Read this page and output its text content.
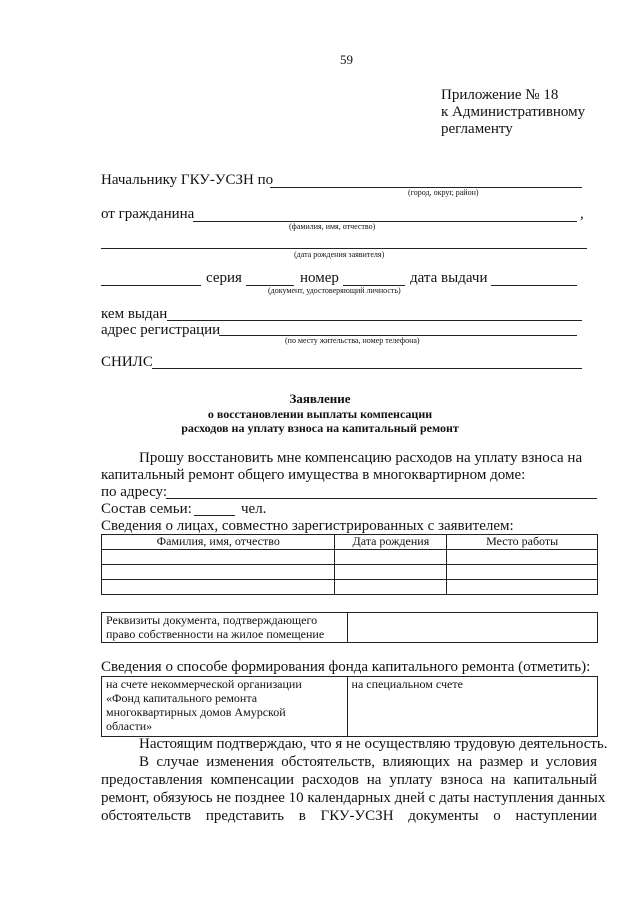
59
Приложение № 18
к Административному
регламенту
Начальнику ГКУ-УСЗН по
(город, округ, район)
от гражданина	,
(фамилия, имя, отчество)
(дата рождения заявителя)
серия	номер	дата выдачи
(документ, удостоверяющий личность)
кем выдан
адрес регистрации
(по месту жительства, номер телефона)
СНИЛС
Заявление
о восстановлении выплаты компенсации
расходов на уплату взноса на капитальный ремонт
Прошу восстановить мне компенсацию расходов на уплату взноса на
капитальный ремонт общего имущества в многоквартирном доме:
по адресу:
Состав семьи:	чел.
Сведения о лицах, совместно зарегистрированных с заявителем:
Фамилия, имя, отчество	Дата рождения	Место работы

Реквизиты документа, подтверждающего
право собственности на жилое помещение

Сведения о способе формирования фонда капитального ремонта (отметить):
на счете некоммерческой организации
«Фонд капитального ремонта
многоквартирных домов Амурской
области»
	на специальном счете
Настоящим подтверждаю, что я не осуществляю трудовую деятельность.
В случае изменения обстоятельств, влияющих на размер и условия
предоставления компенсации расходов на уплату взноса на капитальный
ремонт, обязуюсь не позднее 10 календарных дней с даты наступления данных
обстоятельств представить в ГКУ-УСЗН документы о наступлении
